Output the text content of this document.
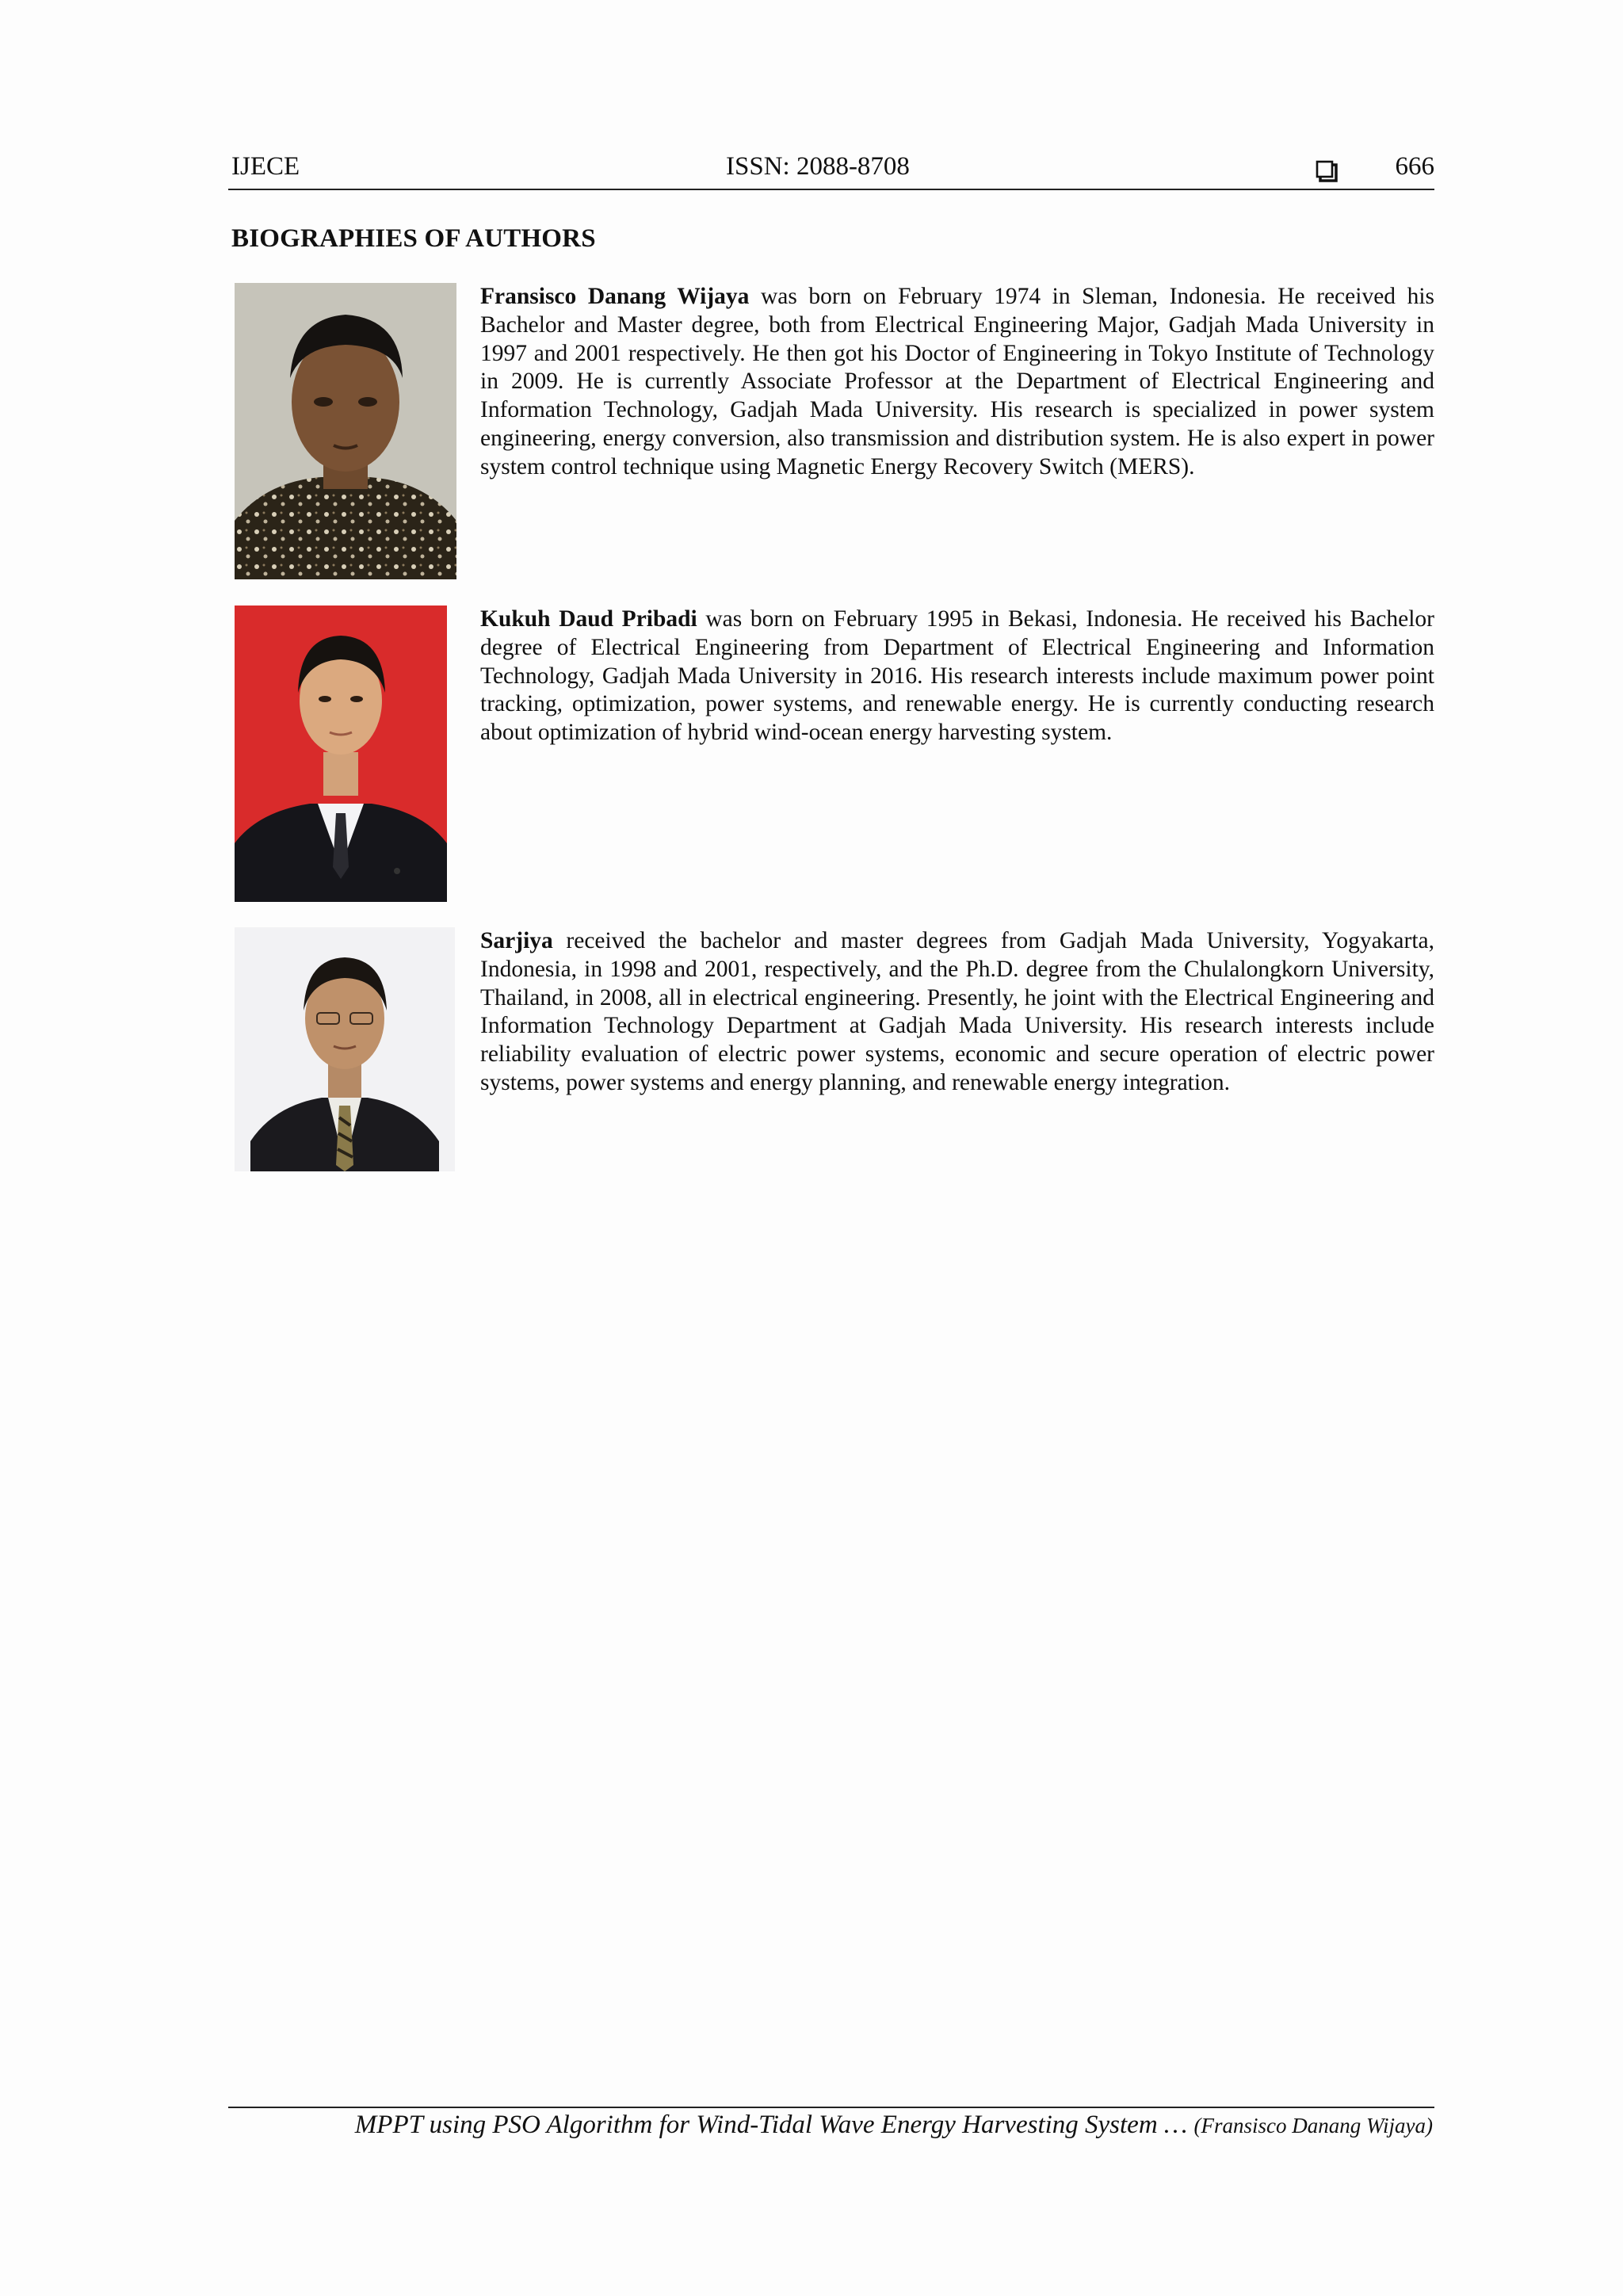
IJECE	ISSN: 2088-8708	666
BIOGRAPHIES OF AUTHORS
Fransisco Danang Wijaya was born on February 1974 in Sleman, Indonesia. He received his Bachelor and Master degree, both from Electrical Engineering Major, Gadjah Mada University in 1997 and 2001 respectively. He then got his Doctor of Engineering in Tokyo Institute of Technology in 2009. He is currently Associate Professor at the Department of Electrical Engineering and Information Technology, Gadjah Mada University. His research is specialized in power system engineering, energy conversion, also transmission and distribution system. He is also expert in power system control technique using Magnetic Energy Recovery Switch (MERS).
Kukuh Daud Pribadi was born on February 1995 in Bekasi, Indonesia. He received his Bachelor degree of Electrical Engineering from Department of Electrical Engineering and Information Technology, Gadjah Mada University in 2016. His research interests include maximum power point tracking, optimization, power systems, and renewable energy. He is currently conducting research about optimization of hybrid wind-ocean energy harvesting system.
Sarjiya received the bachelor and master degrees from Gadjah Mada University, Yogyakarta, Indonesia, in 1998 and 2001, respectively, and the Ph.D. degree from the Chulalongkorn University, Thailand, in 2008, all in electrical engineering. Presently, he joint with the Electrical Engineering and Information Technology Department at Gadjah Mada University. His research interests include reliability evaluation of electric power systems, economic and secure operation of electric power systems, power systems and energy planning, and renewable energy integration.
MPPT using PSO Algorithm for Wind-Tidal Wave Energy Harvesting System … (Fransisco Danang Wijaya)
